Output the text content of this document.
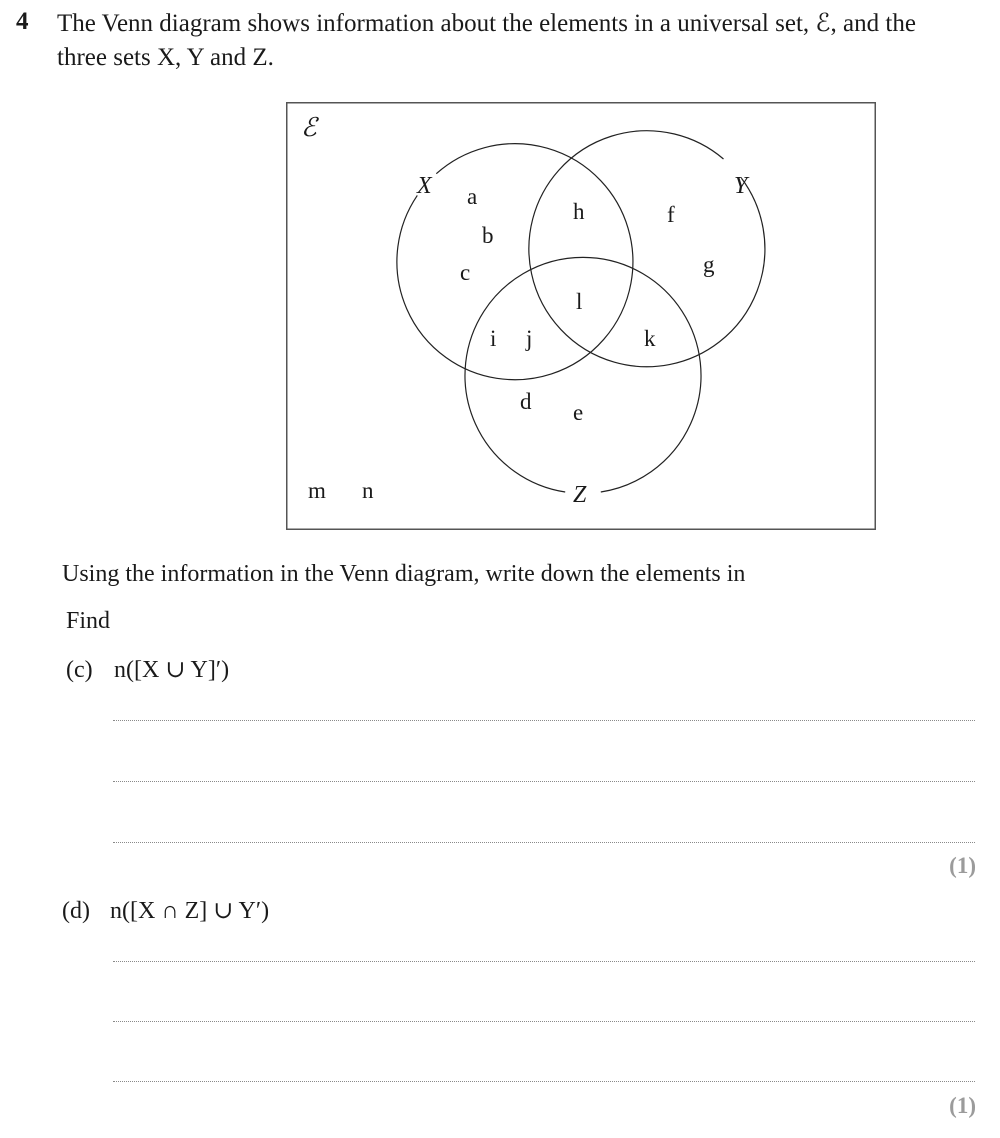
4 The Venn diagram shows information about the elements in a universal set, ℰ, and the
three sets X, Y and Z.
ℰ
X	Y
Z
a
b
c
h	f
g
l
i j	k
d e
m n
Using the information in the Venn diagram, write down the elements in
Find
(c) n([X ∪ Y]′)
(1)
(d) n([X ∩ Z] ∪ Y′)
(1)
